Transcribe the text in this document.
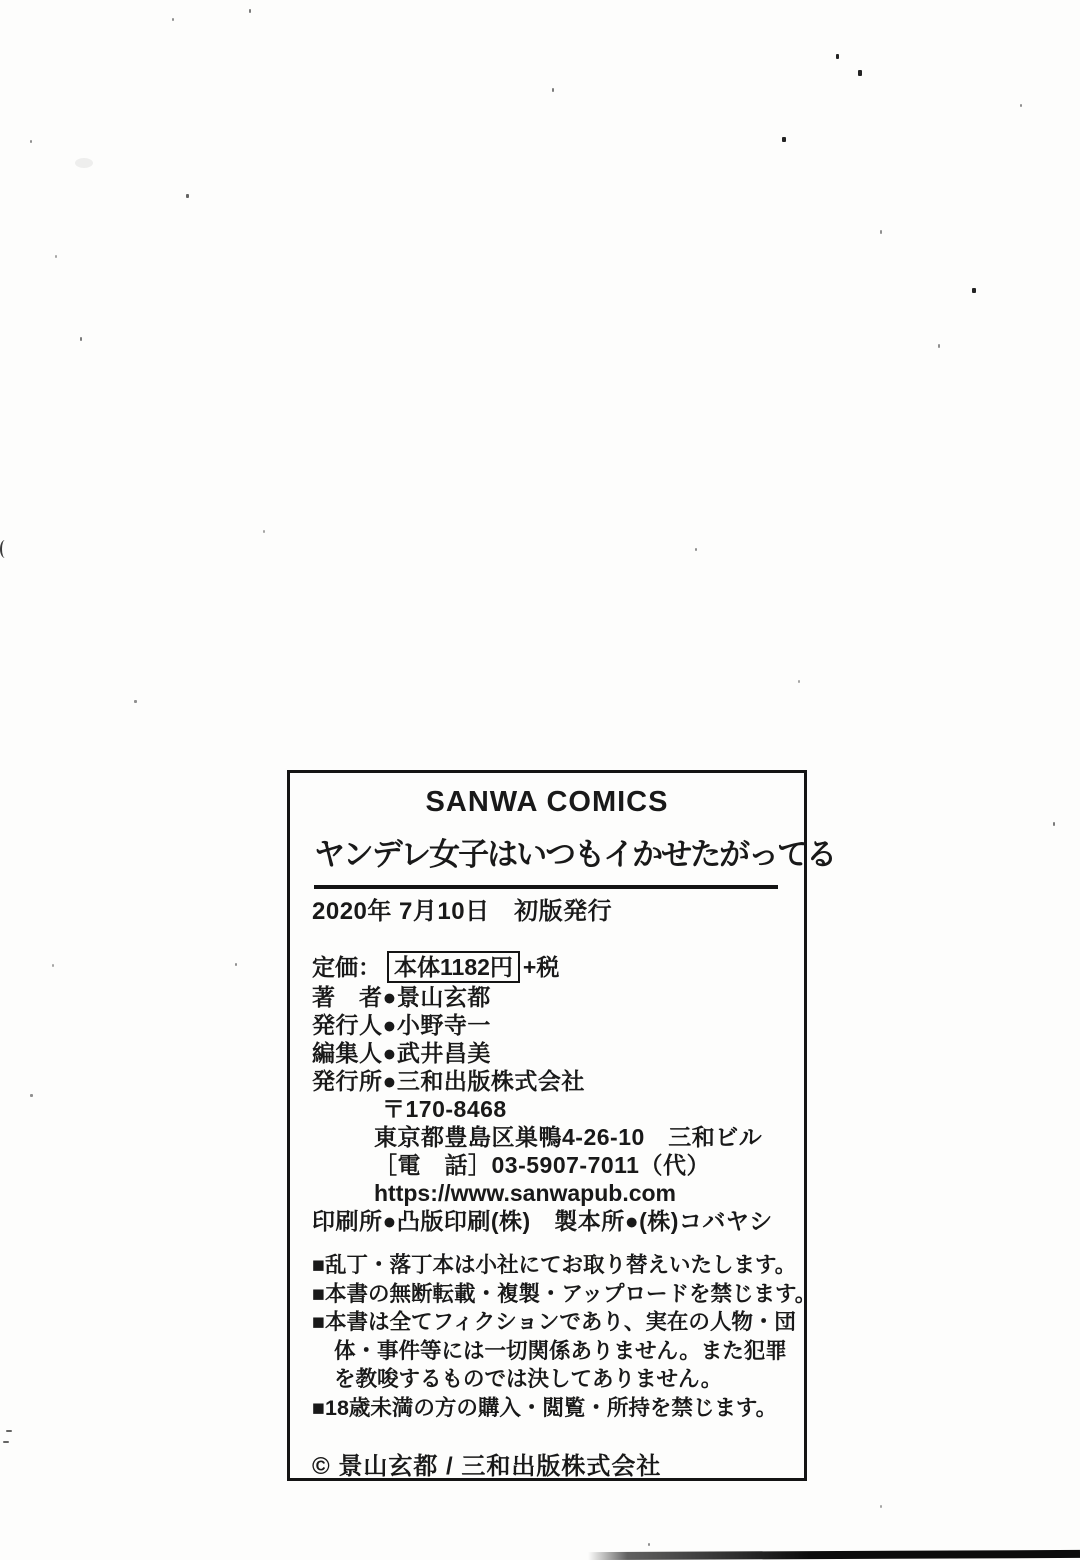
SANWA COMICS
ヤンデレ女子はいつもイかせたがってる
2020年 7月10日　初版発行
定価： 本体1182円 +税
著　者●景山玄都
発行人●小野寺一
編集人●武井昌美
発行所●三和出版株式会社
〒170-8468
東京都豊島区巣鴨4-26-10　三和ビル
［電　話］03-5907-7011（代）
https://www.sanwapub.com
印刷所●凸版印刷(株)　製本所●(株)コバヤシ
■乱丁・落丁本は小社にてお取り替えいたします。
■本書の無断転載・複製・アップロードを禁じます。
■本書は全てフィクションであり、実在の人物・団
体・事件等には一切関係ありません。また犯罪
を教唆するものでは決してありません。
■18歳未満の方の購入・閲覧・所持を禁じます。
© 景山玄都 / 三和出版株式会社
